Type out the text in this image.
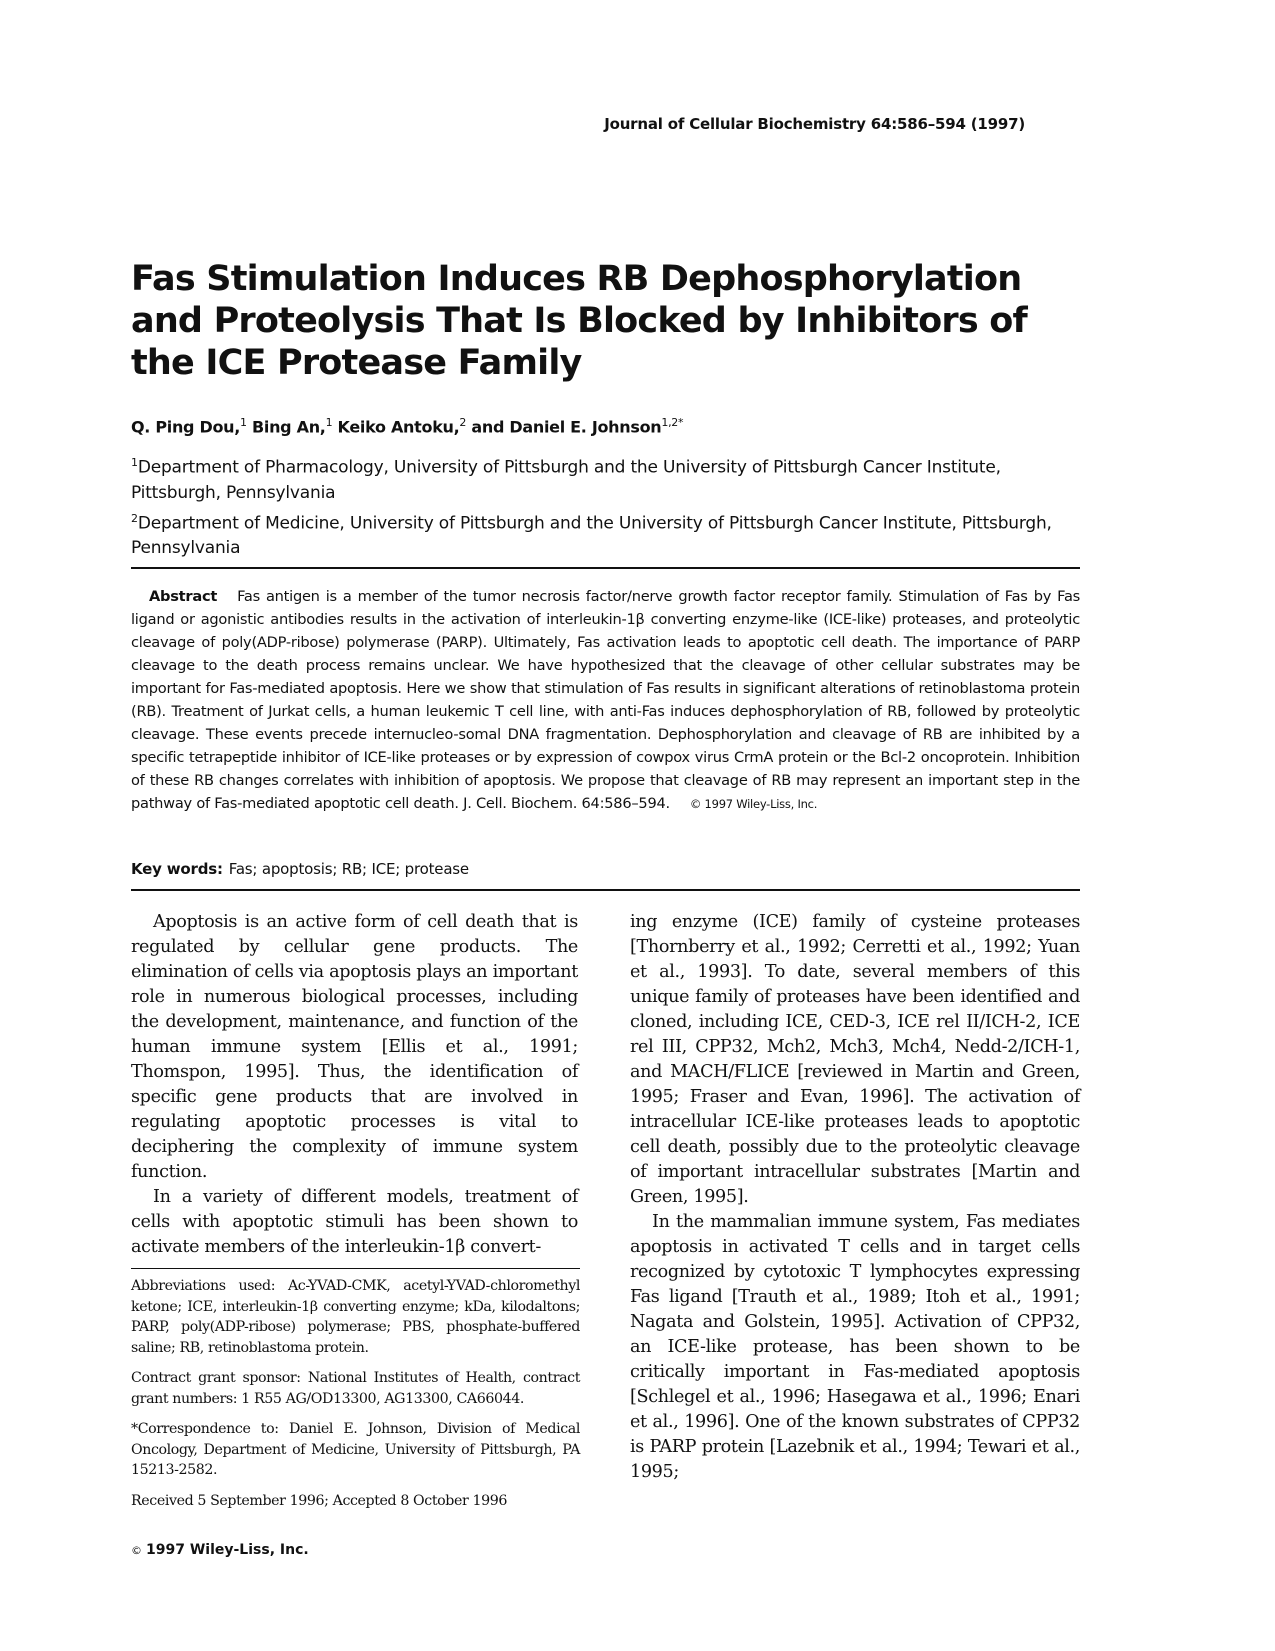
Journal of Cellular Biochemistry 64:586–594 (1997)
Fas Stimulation Induces RB Dephosphorylation and Proteolysis That Is Blocked by Inhibitors of the ICE Protease Family
Q. Ping Dou,$^1$ Bing An,$^1$ Keiko Antoku,$^2$ and Daniel E. Johnson$^{1,2*}$

$^1$Department of Pharmacology, University of Pittsburgh and the University of Pittsburgh Cancer Institute, Pittsburgh, Pennsylvania

$^2$Department of Medicine, University of Pittsburgh and the University of Pittsburgh Cancer Institute, Pittsburgh, Pennsylvania

Abstract Fas antigen is a member of the tumor necrosis factor/nerve growth factor receptor family. Stimulation of Fas by Fas ligand or agonistic antibodies results in the activation of interleukin-1β converting enzyme-like (ICE-like) proteases, and proteolytic cleavage of poly(ADP-ribose) polymerase (PARP). Ultimately, Fas activation leads to apoptotic cell death. The importance of PARP cleavage to the death process remains unclear. We have hypothesized that the cleavage of other cellular substrates may be important for Fas-mediated apoptosis. Here we show that stimulation of Fas results in significant alterations of retinoblastoma protein (RB). Treatment of Jurkat cells, a human leukemic T cell line, with anti-Fas induces dephosphorylation of RB, followed by proteolytic cleavage. These events precede internucleo-somal DNA fragmentation. Dephosphorylation and cleavage of RB are inhibited by a specific tetrapeptide inhibitor of ICE-like proteases or by expression of cowpox virus CrmA protein or the Bcl-2 oncoprotein. Inhibition of these RB changes correlates with inhibition of apoptosis. We propose that cleavage of RB may represent an important step in the pathway of Fas-mediated apoptotic cell death. J. Cell. Biochem. 64:586–594. © 1997 Wiley-Liss, Inc.
Key words: Fas; apoptosis; RB; ICE; protease

Apoptosis is an active form of cell death that is regulated by cellular gene products. The elimination of cells via apoptosis plays an important role in numerous biological processes, including the development, maintenance, and function of the human immune system [Ellis et al., 1991; Thomspon, 1995]. Thus, the identification of specific gene products that are involved in regulating apoptotic processes is vital to deciphering the complexity of immune system function.

In a variety of different models, treatment of cells with apoptotic stimuli has been shown to activate members of the interleukin-1β convert-

ing enzyme (ICE) family of cysteine proteases [Thornberry et al., 1992; Cerretti et al., 1992; Yuan et al., 1993]. To date, several members of this unique family of proteases have been identified and cloned, including ICE, CED-3, ICE rel II/ICH-2, ICE rel III, CPP32, Mch2, Mch3, Mch4, Nedd-2/ICH-1, and MACH/FLICE [reviewed in Martin and Green, 1995; Fraser and Evan, 1996]. The activation of intracellular ICE-like proteases leads to apoptotic cell death, possibly due to the proteolytic cleavage of important intracellular substrates [Martin and Green, 1995].

In the mammalian immune system, Fas mediates apoptosis in activated T cells and in target cells recognized by cytotoxic T lymphocytes expressing Fas ligand [Trauth et al., 1989; Itoh et al., 1991; Nagata and Golstein, 1995]. Activation of CPP32, an ICE-like protease, has been shown to be critically important in Fas-mediated apoptosis [Schlegel et al., 1996; Hasegawa et al., 1996; Enari et al., 1996]. One of the known substrates of CPP32 is PARP protein [Lazebnik et al., 1994; Tewari et al., 1995;

Abbreviations used: Ac-YVAD-CMK, acetyl-YVAD-chloromethyl ketone; ICE, interleukin-1β converting enzyme; kDa, kilodaltons; PARP, poly(ADP-ribose) polymerase; PBS, phosphate-buffered saline; RB, retinoblastoma protein.

Contract grant sponsor: National Institutes of Health, contract grant numbers: 1 R55 AG/OD13300, AG13300, CA66044.

*Correspondence to: Daniel E. Johnson, Division of Medical Oncology, Department of Medicine, University of Pittsburgh, PA 15213-2582.

Received 5 September 1996; Accepted 8 October 1996

© 1997 Wiley-Liss, Inc.
